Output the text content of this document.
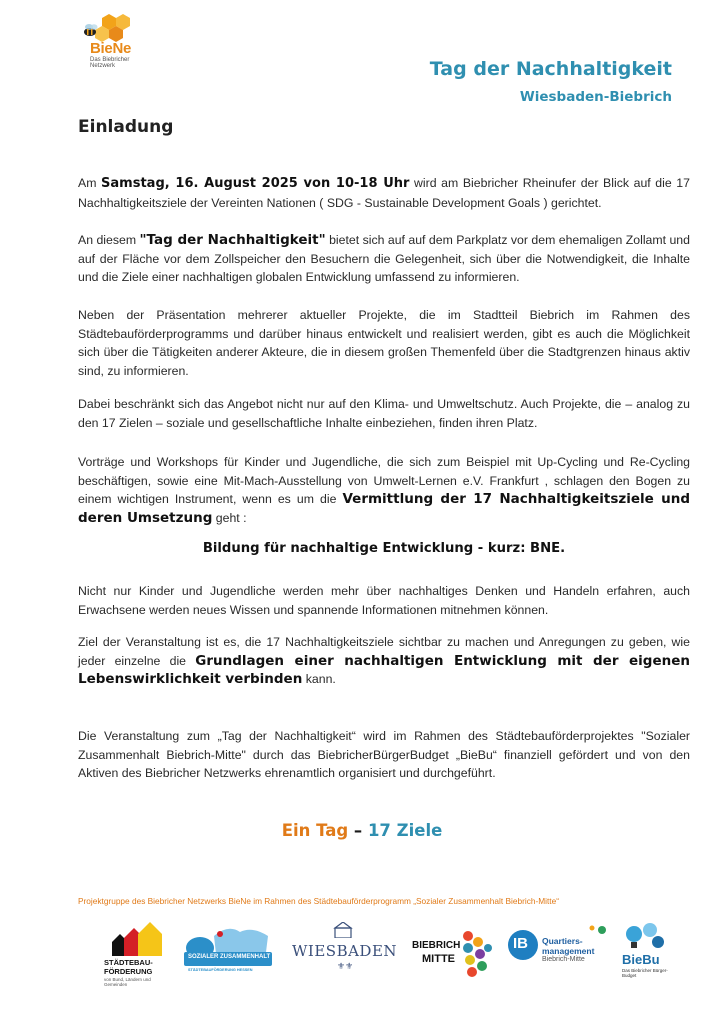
BieNe
Das Biebricher Netzwerk	Tag der Nachhaltigkeit
Wiesbaden-Biebrich
Einladung
Am Samstag, 16. August 2025 von 10-18 Uhr wird am Biebricher Rheinufer der Blick auf die 17 Nachhaltigkeitsziele der Vereinten Nationen ( SDG - Sustainable Development Goals ) gerichtet.
An diesem "Tag der Nachhaltigkeit" bietet sich auf auf dem Parkplatz vor dem ehemaligen Zollamt und auf der Fläche vor dem Zollspeicher den Besuchern die Gelegenheit, sich über die Notwendigkeit, die Inhalte und die Ziele einer nachhaltigen globalen Entwicklung umfassend zu informieren.
Neben der Präsentation mehrerer aktueller Projekte, die im Stadtteil Biebrich im Rahmen des Städtebauförderprogramms und darüber hinaus entwickelt und realisiert werden, gibt es auch die Möglichkeit sich über die Tätigkeiten anderer Akteure, die in diesem großen Themenfeld über die Stadtgrenzen hinaus aktiv sind, zu informieren.
Dabei beschränkt sich das Angebot nicht nur auf den Klima- und Umweltschutz. Auch Projekte, die – analog zu den 17 Zielen – soziale und gesellschaftliche Inhalte einbeziehen, finden ihren Platz.
Vorträge und Workshops für Kinder und Jugendliche, die sich zum Beispiel mit Up-Cycling und Re-Cycling beschäftigen, sowie eine Mit-Mach-Ausstellung von Umwelt-Lernen e.V. Frankfurt , schlagen den Bogen zu einem wichtigen Instrument, wenn es um die Vermittlung der 17 Nachhaltigkeitsziele und deren Umsetzung geht :
Bildung für nachhaltige Entwicklung - kurz: BNE.
Nicht nur Kinder und Jugendliche werden mehr über nachhaltiges Denken und Handeln erfahren, auch Erwachsene werden neues Wissen und spannende Informationen mitnehmen können.
Ziel der Veranstaltung ist es, die 17 Nachhaltigkeitsziele sichtbar zu machen und Anregungen zu geben, wie jeder einzelne die Grundlagen einer nachhaltigen Entwicklung mit der eigenen Lebenswirklichkeit verbinden kann.
Die Veranstaltung zum „Tag der Nachhaltigkeit“ wird im Rahmen des Städtebauförderprojektes "Sozialer Zusammenhalt Biebrich-Mitte" durch das BiebricherBürgerBudget „BieBu“ finanziell gefördert und von den Aktiven des Biebricher Netzwerks ehrenamtlich organisiert und durchgeführt.
Ein Tag – 17 Ziele
Projektgruppe des Biebricher Netzwerks BieNe im Rahmen des Städtebauförderprogramm „Sozialer Zusammenhalt Biebrich-Mitte“
STÄDTEBAU-
FÖRDERUNG
von Bund, Ländern und Gemeinden
SOZIALER ZUSAMMENHALT
STÄDTEBAUFÖRDERUNG HESSEN
WIESBADEN
⚜⚜
BIEBRICH
MITTE
IB Quartiers-
management
Biebrich-Mitte	BieBu
Das Biebricher Bürger-Budget
